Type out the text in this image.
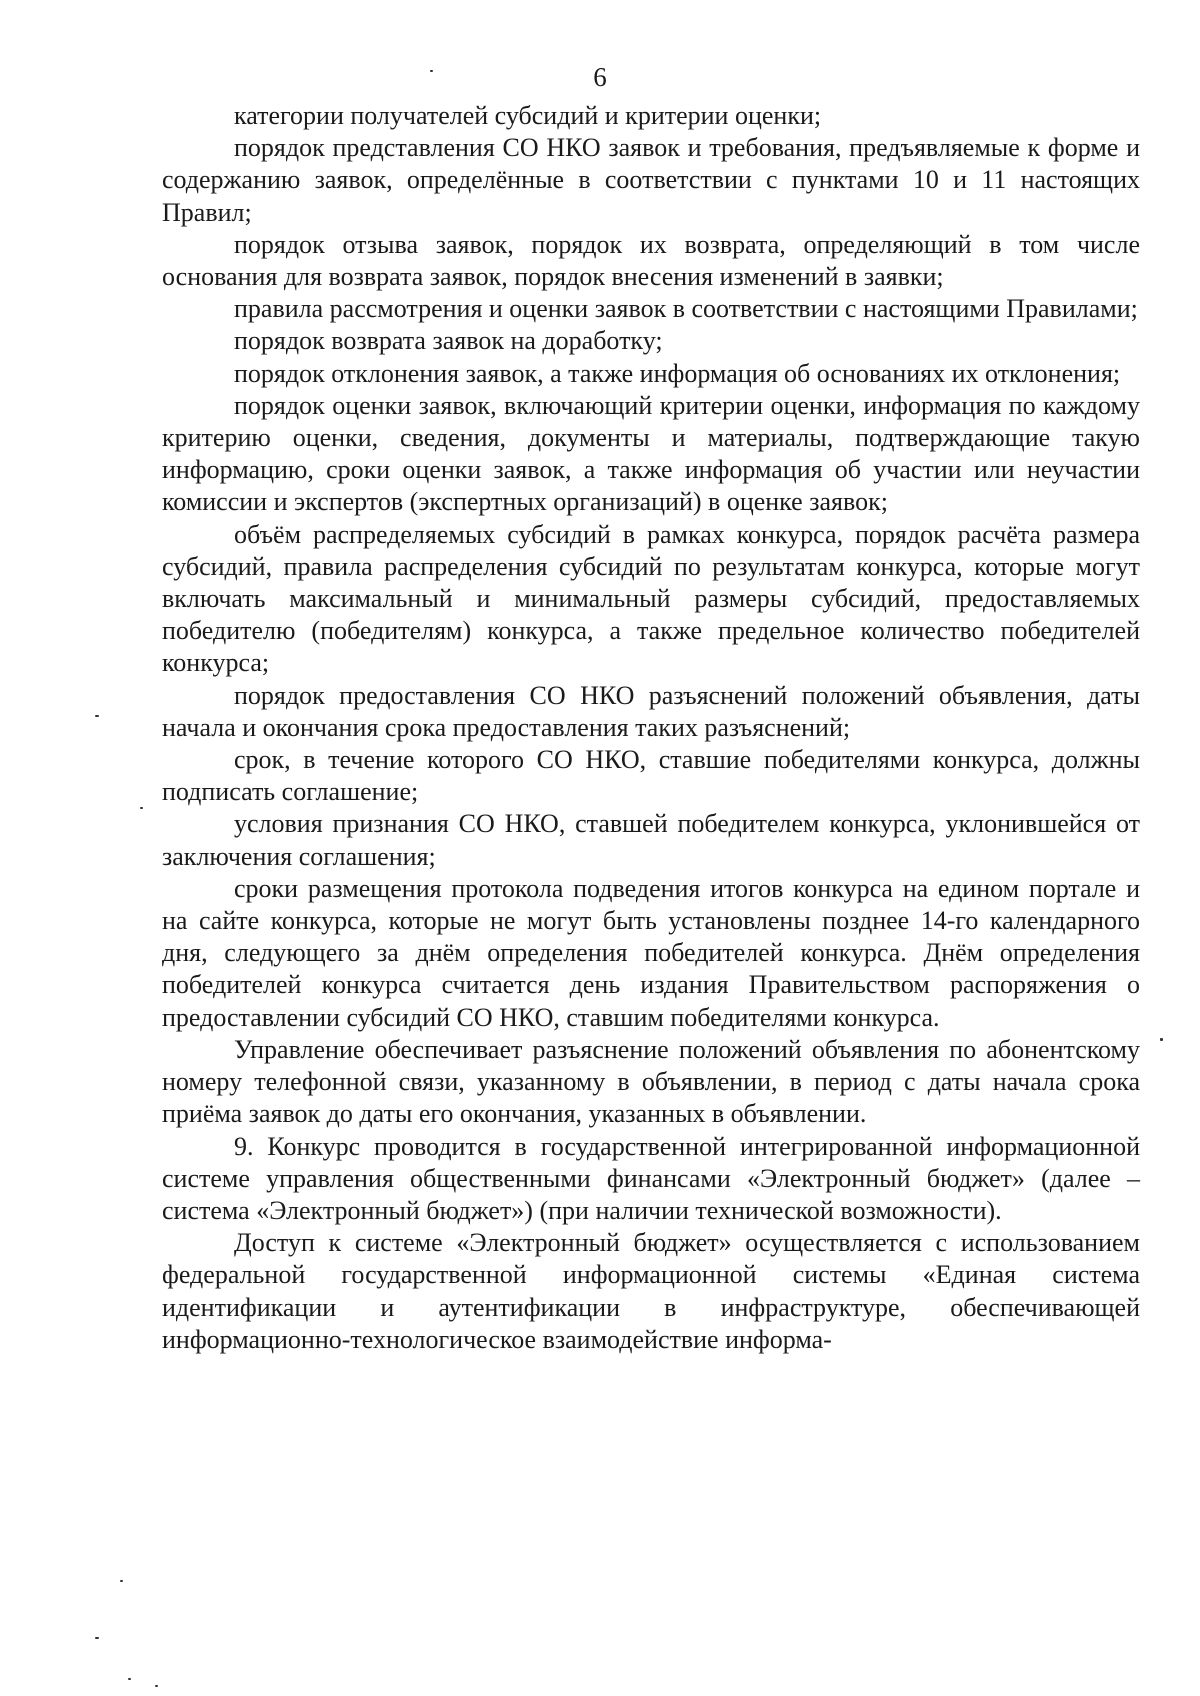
6

категории получателей субсидий и критерии оценки;

порядок представления СО НКО заявок и требования, предъявляемые к форме и содержанию заявок, определённые в соответствии с пунктами 10 и 11 настоящих Правил;

порядок отзыва заявок, порядок их возврата, определяющий в том числе основания для возврата заявок, порядок внесения изменений в заявки;

правила рассмотрения и оценки заявок в соответствии с настоящими Правилами;

порядок возврата заявок на доработку;

порядок отклонения заявок, а также информация об основаниях их отклонения;

порядок оценки заявок, включающий критерии оценки, информация по каждому критерию оценки, сведения, документы и материалы, подтверждающие такую информацию, сроки оценки заявок, а также информация об участии или неучастии комиссии и экспертов (экспертных организаций) в оценке заявок;

объём распределяемых субсидий в рамках конкурса, порядок расчёта размера субсидий, правила распределения субсидий по результатам конкурса, которые могут включать максимальный и минимальный размеры субсидий, предоставляемых победителю (победителям) конкурса, а также предельное количество победителей конкурса;

порядок предоставления СО НКО разъяснений положений объявления, даты начала и окончания срока предоставления таких разъяснений;

срок, в течение которого СО НКО, ставшие победителями конкурса, должны подписать соглашение;

условия признания СО НКО, ставшей победителем конкурса, уклонившейся от заключения соглашения;

сроки размещения протокола подведения итогов конкурса на едином портале и на сайте конкурса, которые не могут быть установлены позднее 14-го календарного дня, следующего за днём определения победителей конкурса. Днём определения победителей конкурса считается день издания Правительством распоряжения о предоставлении субсидий СО НКО, ставшим победителями конкурса.

Управление обеспечивает разъяснение положений объявления по абонентскому номеру телефонной связи, указанному в объявлении, в период с даты начала срока приёма заявок до даты его окончания, указанных в объявлении.

9. Конкурс проводится в государственной интегрированной информационной системе управления общественными финансами «Электронный бюджет» (далее – система «Электронный бюджет») (при наличии технической возможности).

Доступ к системе «Электронный бюджет» осуществляется с использованием федеральной государственной информационной системы «Единая система идентификации и аутентификации в инфраструктуре, обеспечивающей информационно-технологическое взаимодействие информа-
